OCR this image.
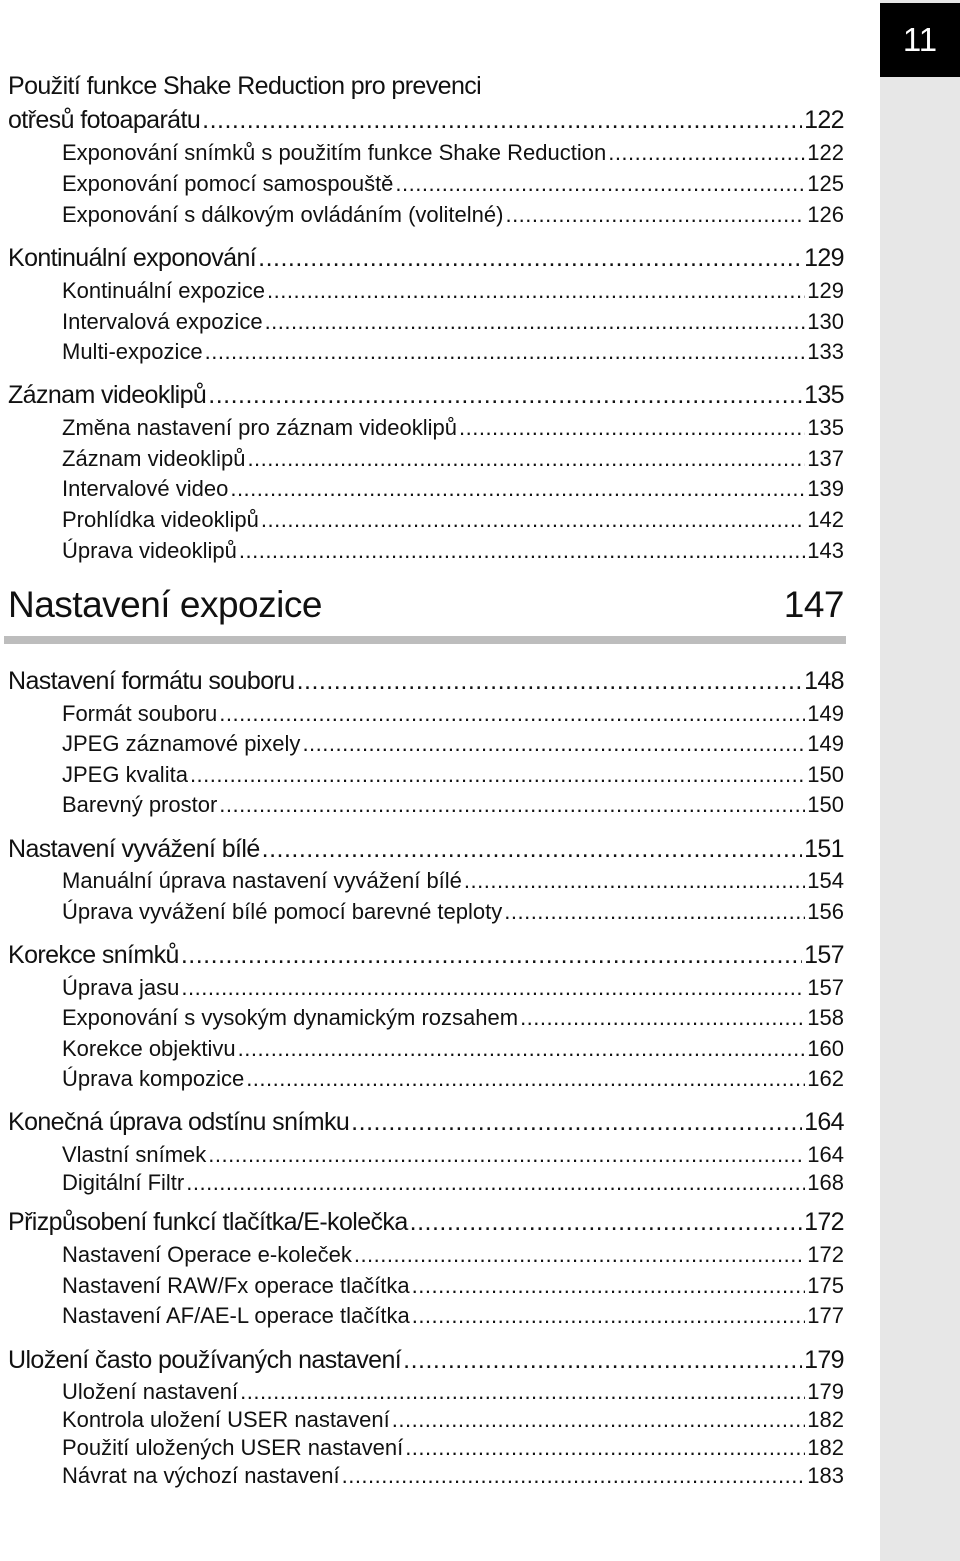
11
Použití funkce Shake Reduction pro prevenci
otřesů fotoaparátu .....	122
Exponování snímků s použitím funkce Shake Reduction .....	122
Exponování pomocí samospouště .....	125
Exponování s dálkovým ovládáním (volitelné) .....	126
Kontinuální exponování .....	129
Kontinuální expozice .....	129
Intervalová expozice .....	130
Multi-expozice .....	133
Záznam videoklipů .....	135
Změna nastavení pro záznam videoklipů .....	135
Záznam videoklipů .....	137
Intervalové video .....	139
Prohlídka videoklipů .....	142
Úprava videoklipů .....	143
Nastavení expozice	147
Nastavení formátu souboru .....	148
Formát souboru .....	149
JPEG záznamové pixely .....	149
JPEG kvalita .....	150
Barevný prostor .....	150
Nastavení vyvážení bílé .....	151
Manuální úprava nastavení vyvážení bílé .....	154
Úprava vyvážení bílé pomocí barevné teploty .....	156
Korekce snímků .....	157
Úprava jasu .....	157
Exponování s vysokým dynamickým rozsahem .....	158
Korekce objektivu .....	160
Úprava kompozice .....	162
Konečná úprava odstínu snímku .....	164
Vlastní snímek .....	164
Digitální Filtr .....	168
Přizpůsobení funkcí tlačítka/E-kolečka .....	172
Nastavení Operace e-koleček .....	172
Nastavení RAW/Fx operace tlačítka .....	175
Nastavení AF/AE-L operace tlačítka .....	177
Uložení často používaných nastavení .....	179
Uložení nastavení .....	179
Kontrola uložení USER nastavení .....	182
Použití uložených USER nastavení .....	182
Návrat na výchozí nastavení .....	183
